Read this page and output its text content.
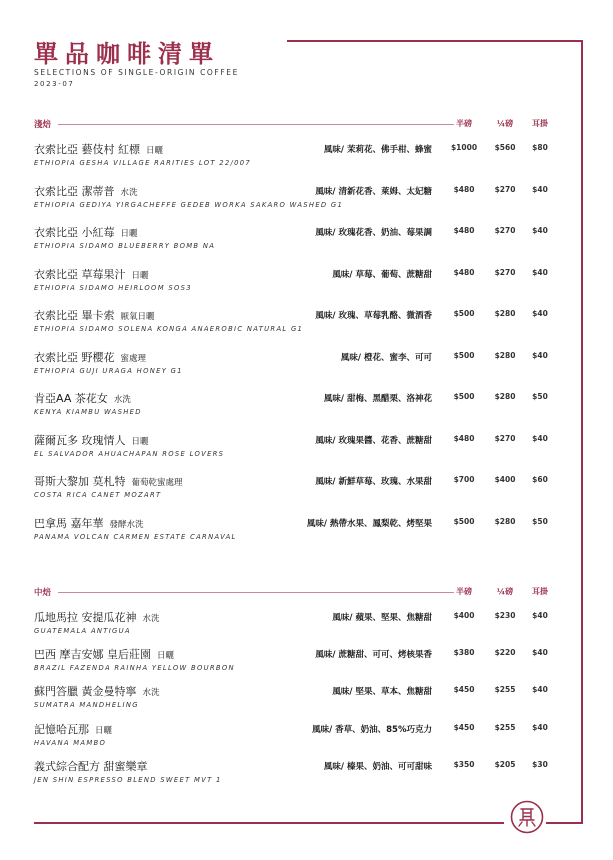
單品咖啡清單
SELECTIONS OF SINGLE-ORIGIN COFFEE
2023-07
淺焙	半磅	¼磅	耳掛
衣索比亞 藝伎村 紅標 日曬
ETHIOPIA GESHA VILLAGE RARITIES LOT 22/007
風味/ 茉莉花、佛手柑、蜂蜜	$1000	$560	$80
衣索比亞 潔蒂普 水洗
ETHIOPIA GEDIYA YIRGACHEFFE GEDEB WORKA SAKARO WASHED G1
風味/ 清新花香、萊姆、太妃糖	$480	$270	$40
衣索比亞 小紅莓 日曬
ETHIOPIA SIDAMO BLUEBERRY BOMB NA
風味/ 玫瑰花香、奶油、莓果調	$480	$270	$40
衣索比亞 草莓果汁 日曬
ETHIOPIA SIDAMO HEIRLOOM SOS3
風味/ 草莓、葡萄、蔗糖甜	$480	$270	$40
衣索比亞 畢卡索 厭氧日曬
ETHIOPIA SIDAMO SOLENA KONGA ANAEROBIC NATURAL G1
風味/ 玫瑰、草莓乳酪、微酒香	$500	$280	$40
衣索比亞 野櫻花 蜜處理
ETHIOPIA GUJI URAGA HONEY G1
風味/ 橙花、蜜李、可可	$500	$280	$40
肯亞AA 茶花女 水洗
KENYA KIAMBU WASHED
風味/ 甜梅、黑醋栗、洛神花	$500	$280	$50
薩爾瓦多 玫瑰情人 日曬
EL SALVADOR AHUACHAPAN ROSE LOVERS
風味/ 玫瑰果醬、花香、蔗糖甜	$480	$270	$40
哥斯大黎加 莫札特 葡萄乾蜜處理
COSTA RICA CANET MOZART
風味/ 新鮮草莓、玫瑰、水果甜	$700	$400	$60
巴拿馬 嘉年華 發酵水洗
PANAMA VOLCAN CARMEN ESTATE CARNAVAL
風味/ 熱帶水果、鳳梨乾、烤堅果	$500	$280	$50
中焙	半磅	¼磅	耳掛
瓜地馬拉 安提瓜花神 水洗
GUATEMALA ANTIGUA
風味/ 蘋果、堅果、焦糖甜	$400	$230	$40
巴西 摩吉安娜 皇后莊園 日曬
BRAZIL FAZENDA RAINHA YELLOW BOURBON
風味/ 蔗糖甜、可可、烤核果香	$380	$220	$40
蘇門答臘 黃金曼特寧 水洗
SUMATRA MANDHELING
風味/ 堅果、草本、焦糖甜	$450	$255	$40
記憶哈瓦那 日曬
HAVANA MAMBO
風味/ 香草、奶油、85%巧克力	$450	$255	$40
義式綜合配方 甜蜜樂章
JEN SHIN ESPRESSO BLEND SWEET MVT 1
風味/ 榛果、奶油、可可甜味	$350	$205	$30
